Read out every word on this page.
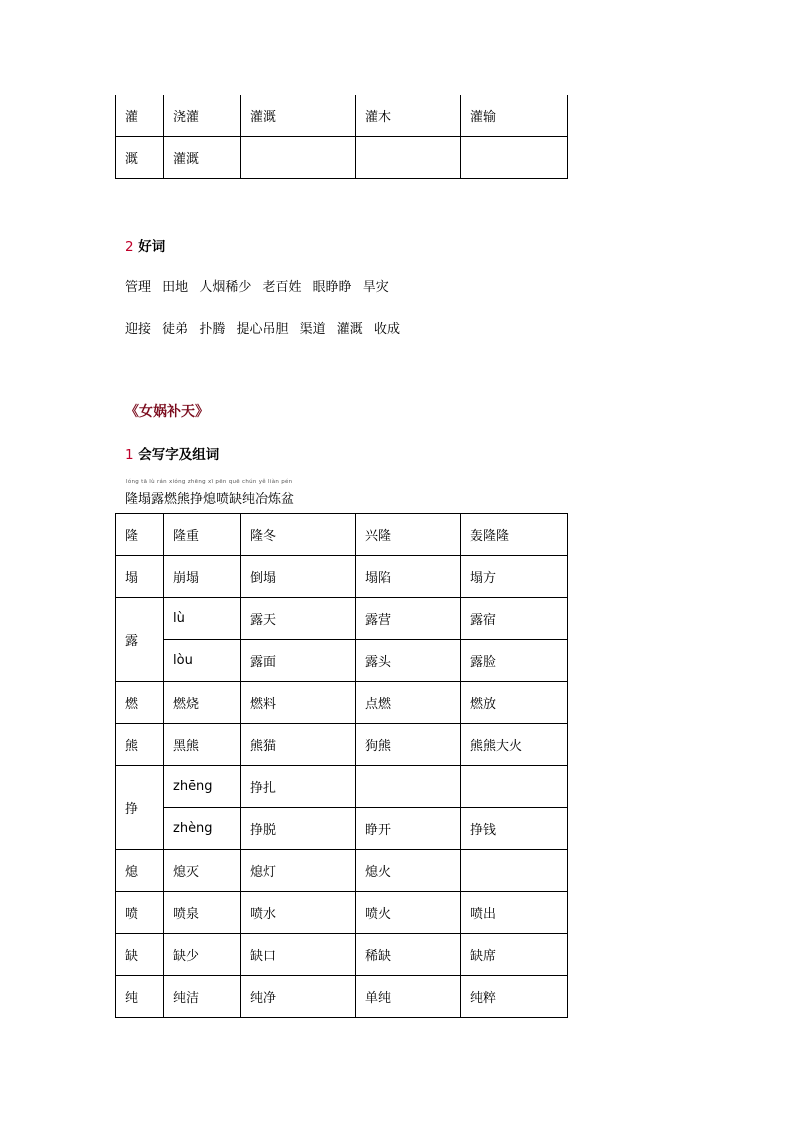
灌	浇灌	灌溉	灌木	灌输
溉	灌溉			
2 好词
管理 田地 人烟稀少 老百姓 眼睁睁 旱灾
迎接 徒弟 扑腾 提心吊胆 渠道 灌溉 收成
《女娲补天》
1 会写字及组词
lóng tā lù rán xióng zhēng xī pēn quē chún yě liàn pén
隆塌露燃熊挣熄喷缺纯冶炼盆
隆	隆重	隆冬	兴隆	轰隆隆
塌	崩塌	倒塌	塌陷	塌方
露	lù	露天	露营	露宿
	lòu	露面	露头	露脸
燃	燃烧	燃料	点燃	燃放
熊	黑熊	熊猫	狗熊	熊熊大火
挣	zhēng	挣扎		
	zhèng	挣脱	睁开	挣钱
熄	熄灭	熄灯	熄火	
喷	喷泉	喷水	喷火	喷出
缺	缺少	缺口	稀缺	缺席
纯	纯洁	纯净	单纯	纯粹
